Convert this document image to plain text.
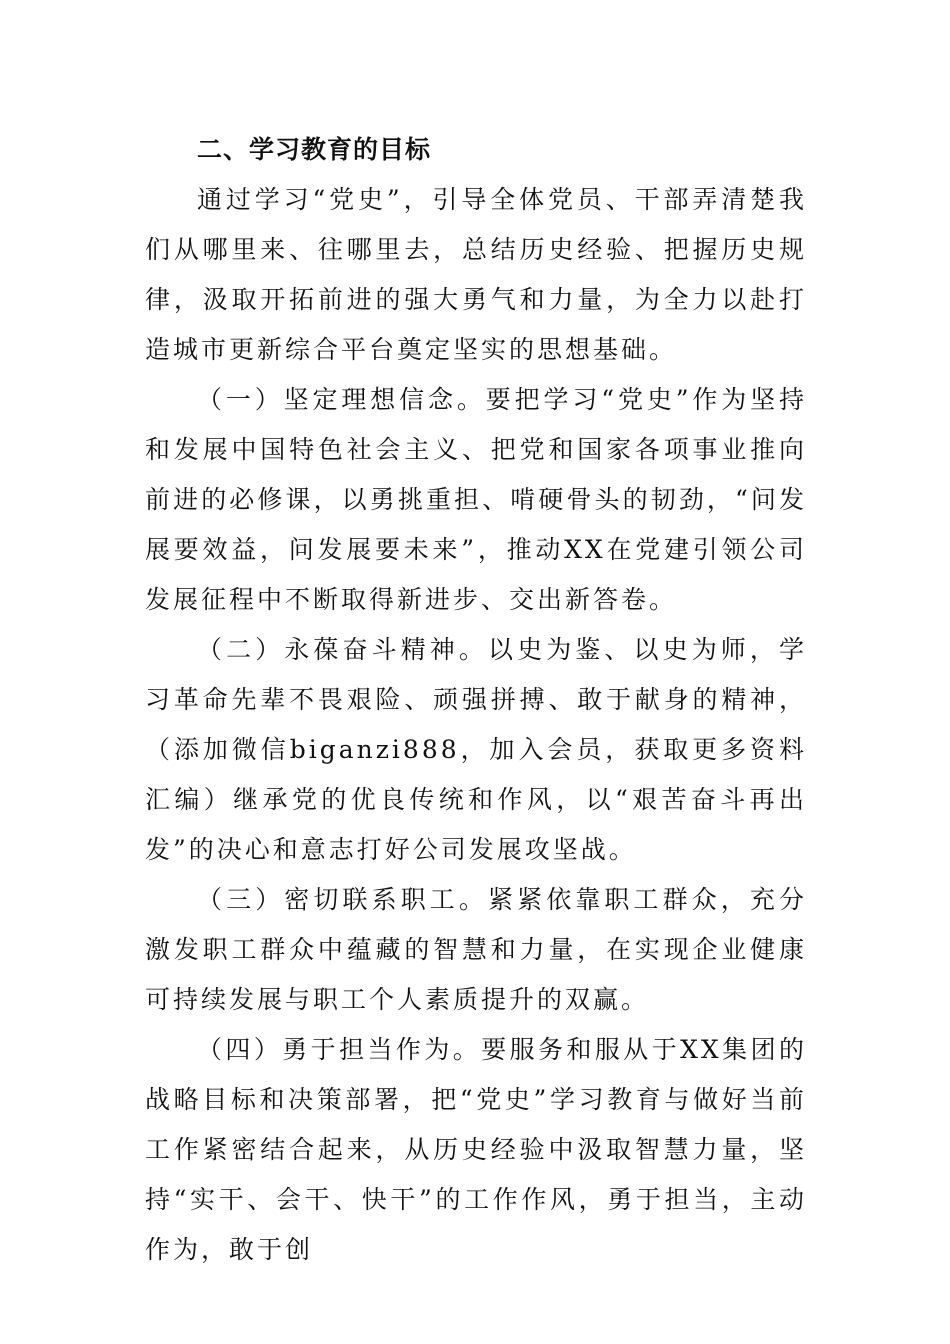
二、学习教育的目标

通过学习“党史”，引导全体党员、干部弄清楚我们从哪里来、往哪里去，总结历史经验、把握历史规律，汲取开拓前进的强大勇气和力量，为全力以赴打造城市更新综合平台奠定坚实的思想基础。

（一）坚定理想信念。要把学习“党史”作为坚持和发展中国特色社会主义、把党和国家各项事业推向前进的必修课，以勇挑重担、啃硬骨头的韧劲，“问发展要效益，问发展要未来”，推动XX在党建引领公司发展征程中不断取得新进步、交出新答卷。

（二）永葆奋斗精神。以史为鉴、以史为师，学习革命先辈不畏艰险、顽强拼搏、敢于献身的精神，（添加微信biganzi888，加入会员，获取更多资料汇编）继承党的优良传统和作风，以“艰苦奋斗再出发”的决心和意志打好公司发展攻坚战。

（三）密切联系职工。紧紧依靠职工群众，充分激发职工群众中蕴藏的智慧和力量，在实现企业健康可持续发展与职工个人素质提升的双赢。

（四）勇于担当作为。要服务和服从于XX集团的战略目标和决策部署，把“党史”学习教育与做好当前工作紧密结合起来，从历史经验中汲取智慧力量，坚持“实干、会干、快干”的工作作风，勇于担当，主动作为，敢于创
